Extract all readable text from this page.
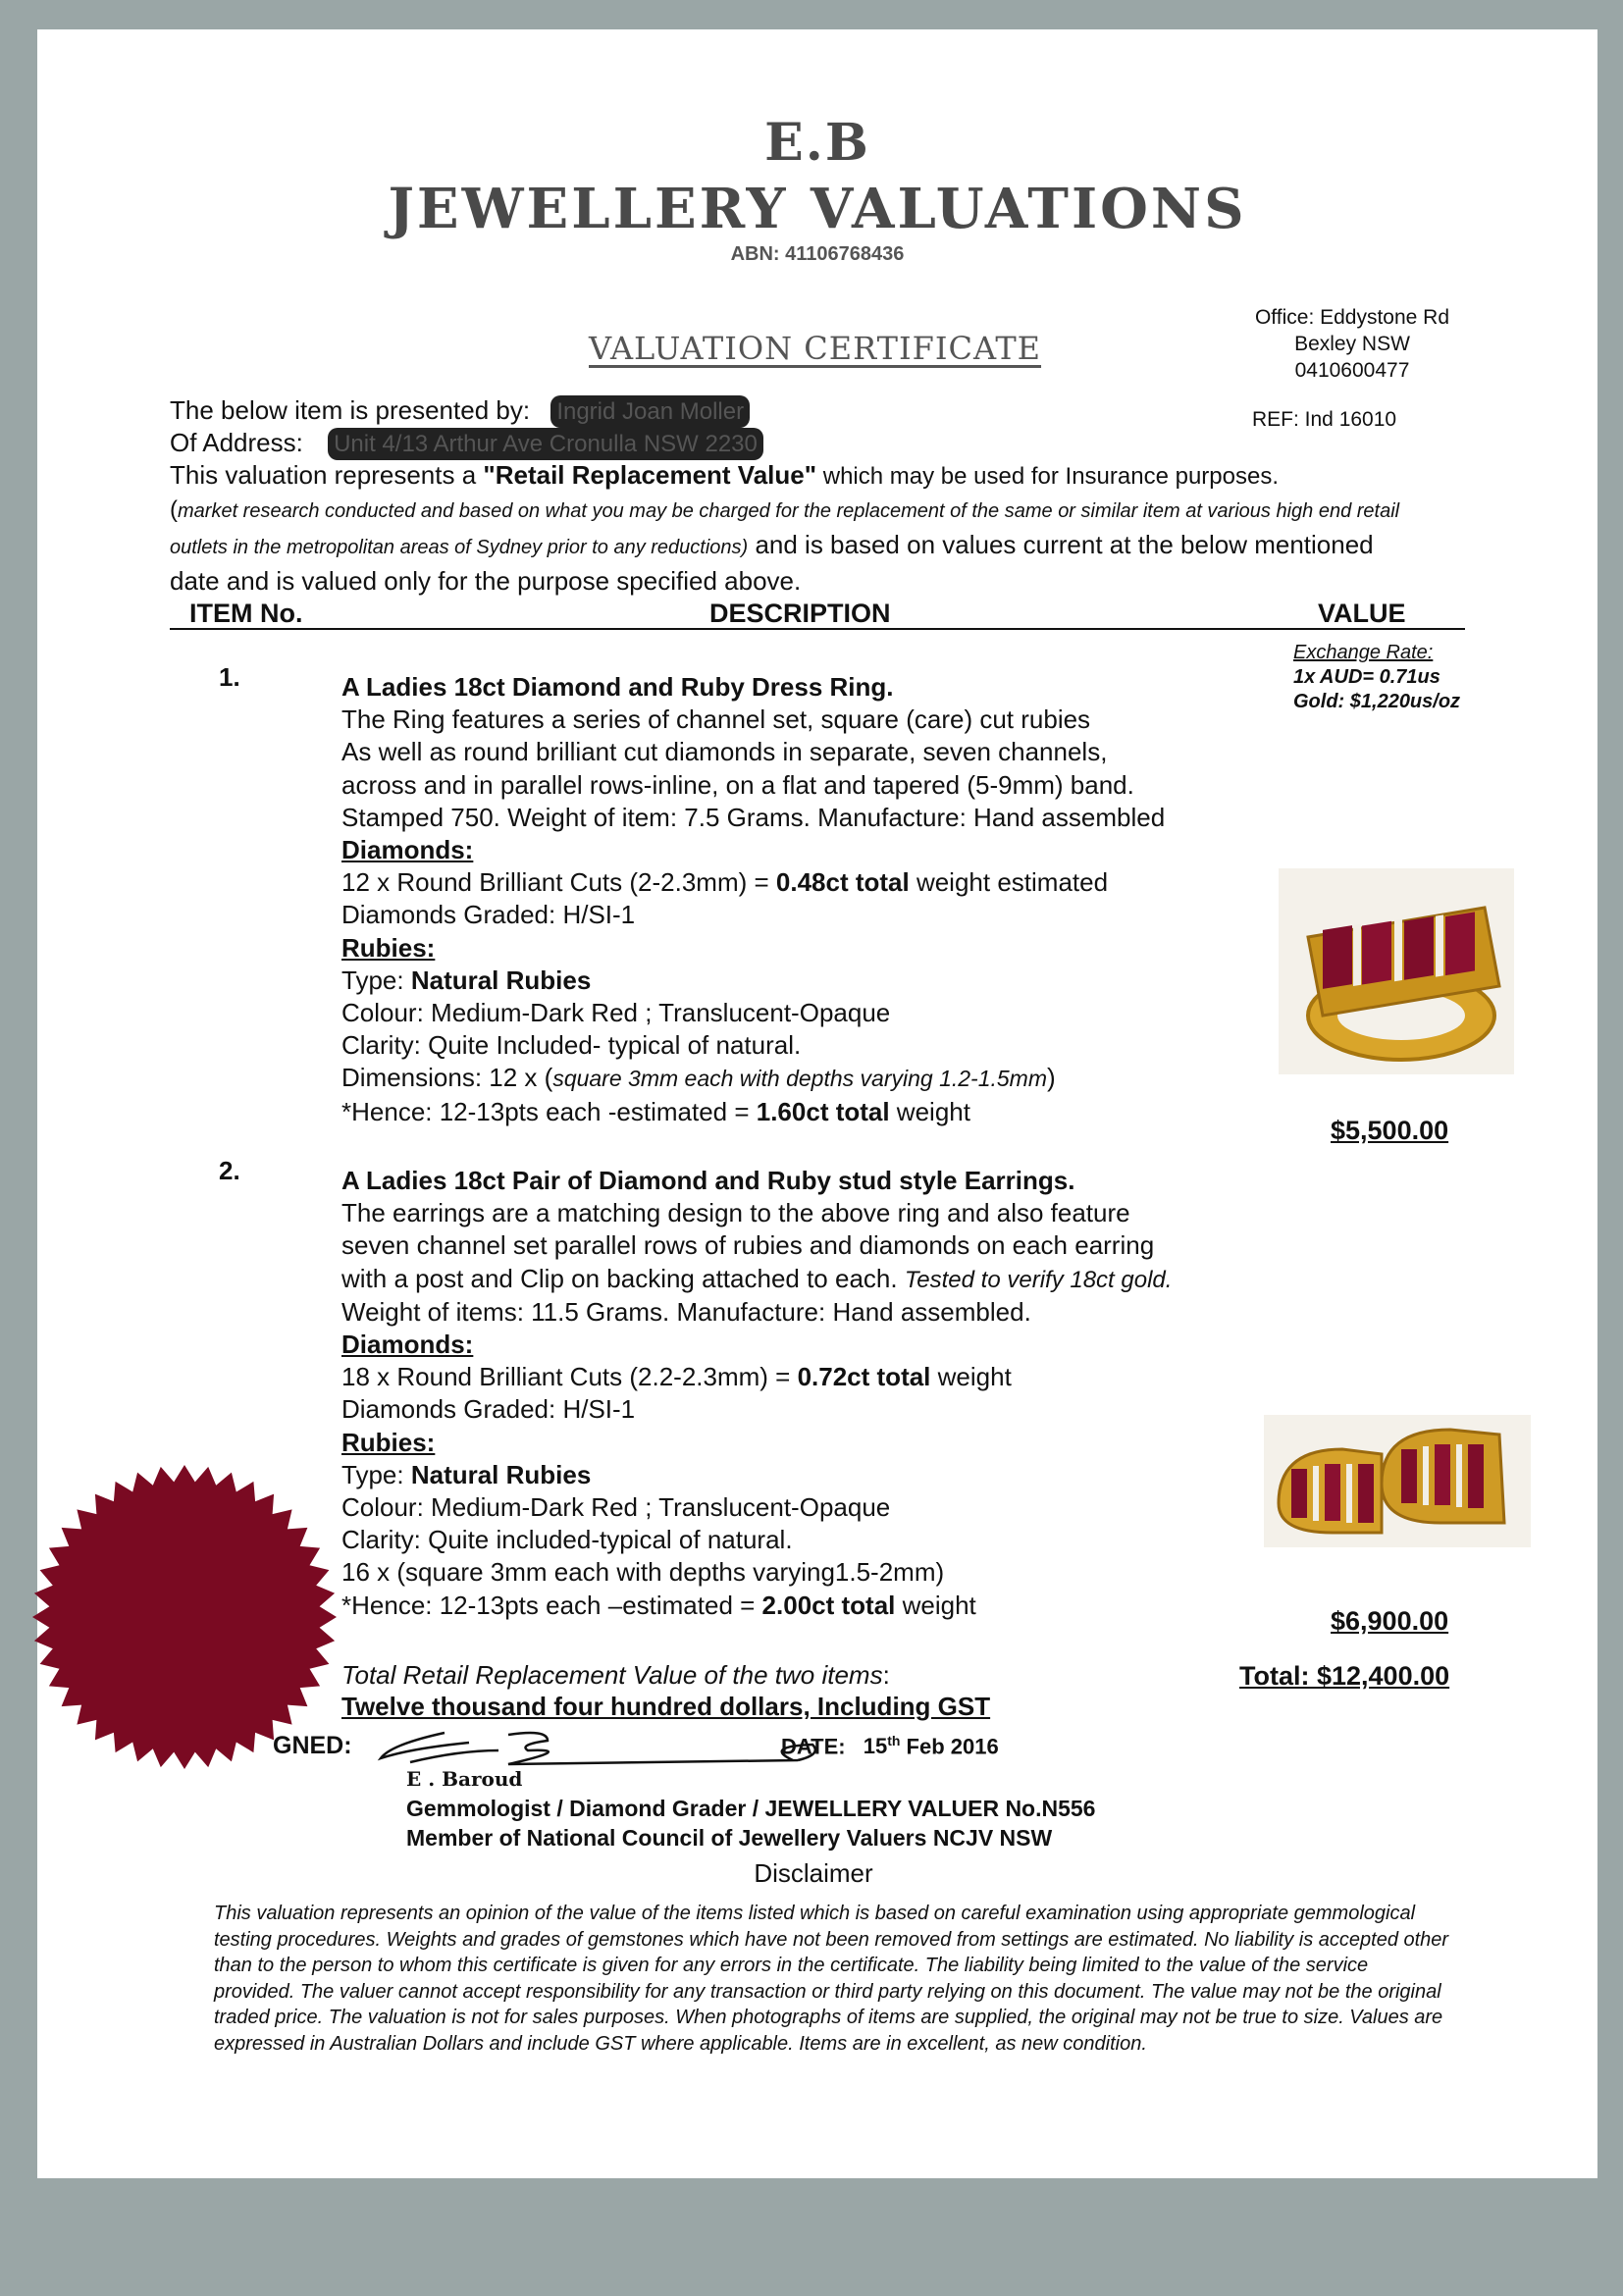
E.B
JEWELLERY VALUATIONS
ABN: 41106768436
VALUATION CERTIFICATE
Office: Eddystone Rd
Bexley NSW
0410600477
REF: Ind 16010
The below item is presented by: Ingrid Joan Moller
Of Address: Unit 4/13 Arthur Ave Cronulla NSW 2230
This valuation represents a "Retail Replacement Value" which may be used for Insurance purposes.
(market research conducted and based on what you may be charged for the replacement of the same or similar item at various high end retail outlets in the metropolitan areas of Sydney prior to any reductions) and is based on values current at the below mentioned date and is valued only for the purpose specified above.
ITEM No.	DESCRIPTION	VALUE
Exchange Rate:
1x AUD= 0.71us
Gold: $1,220us/oz
1.	A Ladies 18ct Diamond and Ruby Dress Ring.
The Ring features a series of channel set, square (care) cut rubies
As well as round brilliant cut diamonds in separate, seven channels,
across and in parallel rows-inline, on a flat and tapered (5-9mm) band.
Stamped 750. Weight of item: 7.5 Grams. Manufacture: Hand assembled
Diamonds:
12 x Round Brilliant Cuts (2-2.3mm) = 0.48ct total weight estimated
Diamonds Graded: H/SI-1
Rubies:
Type: Natural Rubies
Colour: Medium-Dark Red ; Translucent-Opaque
Clarity: Quite Included- typical of natural.
Dimensions: 12 x (square 3mm each with depths varying 1.2-1.5mm)
*Hence: 12-13pts each -estimated = 1.60ct total weight
$5,500.00
2.	A Ladies 18ct Pair of Diamond and Ruby stud style Earrings.
The earrings are a matching design to the above ring and also feature
seven channel set parallel rows of rubies and diamonds on each earring
with a post and Clip on backing attached to each. Tested to verify 18ct gold.
Weight of items: 11.5 Grams. Manufacture: Hand assembled.
Diamonds:
18 x Round Brilliant Cuts (2.2-2.3mm) = 0.72ct total weight
Diamonds Graded: H/SI-1
Rubies:
Type: Natural Rubies
Colour: Medium-Dark Red ; Translucent-Opaque
Clarity: Quite included-typical of natural.
16 x (square 3mm each with depths varying1.5-2mm)
*Hence: 12-13pts each –estimated = 2.00ct total weight
$6,900.00
Total Retail Replacement Value of the two items:
Twelve thousand four hundred dollars, Including GST
Total: $12,400.00
GNED:	DATE: 15th Feb 2016
E . Baroud
Gemmologist / Diamond Grader / JEWELLERY VALUER No.N556
Member of National Council of Jewellery Valuers NCJV NSW
Disclaimer
This valuation represents an opinion of the value of the items listed which is based on careful examination using appropriate gemmological testing procedures. Weights and grades of gemstones which have not been removed from settings are estimated. No liability is accepted other than to the person to whom this certificate is given for any errors in the certificate. The liability being limited to the value of the service provided. The valuer cannot accept responsibility for any transaction or third party relying on this document. The value may not be the original traded price. The valuation is not for sales purposes. When photographs of items are supplied, the original may not be true to size. Values are expressed in Australian Dollars and include GST where applicable. Items are in excellent, as new condition.
